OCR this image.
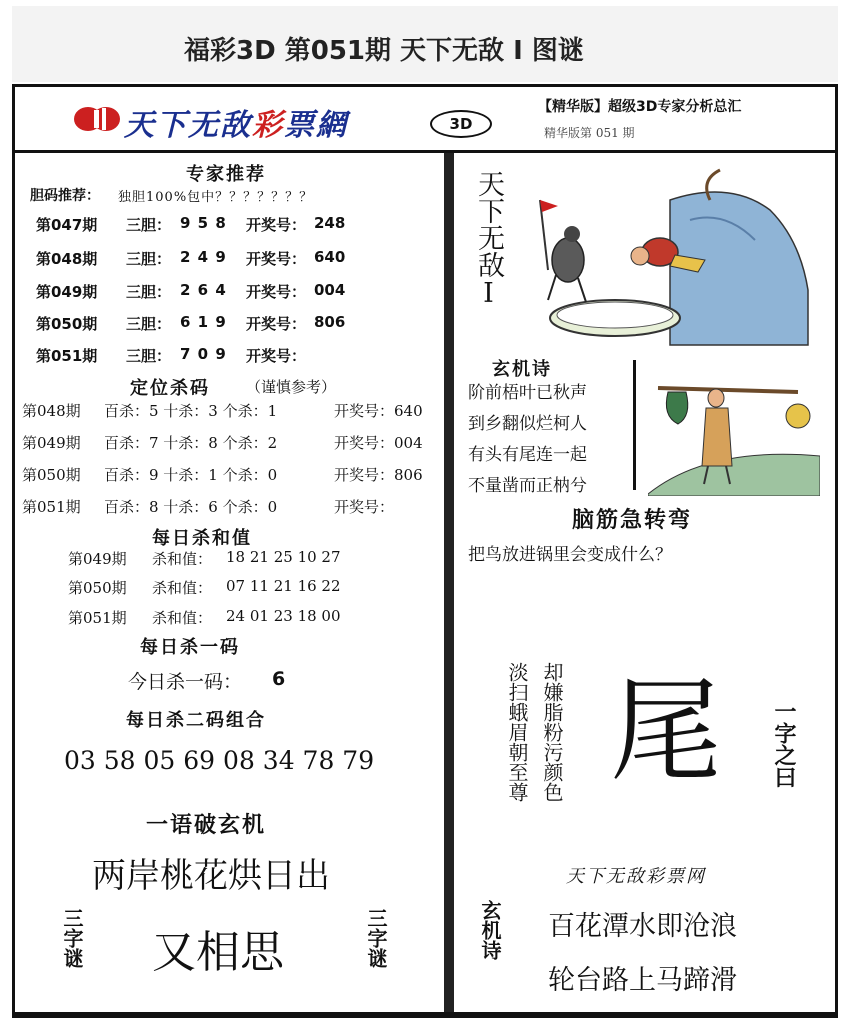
福彩3D 第051期 天下无敌 I 图谜
天下无敌彩票網	3D
【精华版】超级3D专家分析总汇
精华版第 051 期
专家推荐
胆码推荐： 独胆100%包中？？？？？？？
第047期 三胆： 9 5 8 开奖号： 248
第048期 三胆： 2 4 9 开奖号： 640
第049期 三胆： 2 6 4 开奖号： 004
第050期 三胆： 6 1 9 开奖号： 806
第051期 三胆： 7 0 9 开奖号：
定位杀码 （谨慎参考）
第048期 百杀：5 十杀：3 个杀：1	开奖号：640
第049期 百杀：7 十杀：8 个杀：2	开奖号：004
第050期 百杀：9 十杀：1 个杀：0	开奖号：806
第051期 百杀：8 十杀：6 个杀：0	开奖号：
每日杀和值
第049期 杀和值： 18 21 25 10 27
第050期 杀和值： 07 11 21 16 22
第051期 杀和值： 24 01 23 18 00
每日杀一码
今日杀一码： 6
每日杀二码组合
03 58 05 69 08 34 78 79
一语破玄机
两岸桃花烘日出
三字谜 又相思	三字谜
天下无敌I
玄机诗
阶前梧叶已秋声
到乡翻似烂柯人
有头有尾连一起
不量凿而正枘兮
脑筋急转弯
把鸟放进锅里会变成什么？
淡扫蛾眉朝至尊 却嫌脂粉污颜色 尾 一字之曰
天下无敌彩票网
玄机诗 百花潭水即沧浪
轮台路上马蹄滑
